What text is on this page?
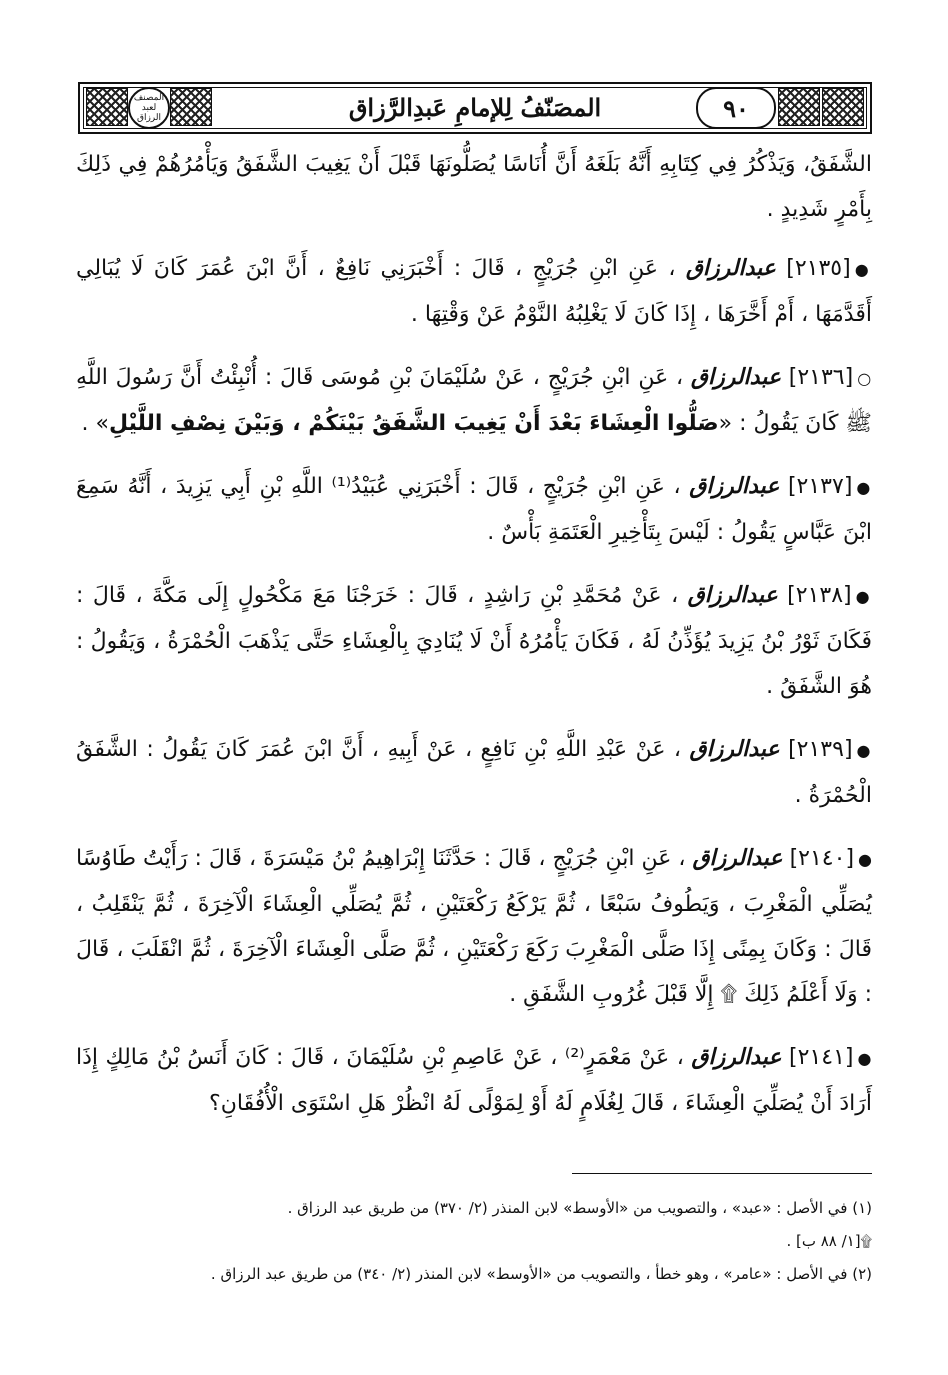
٩٠
المصَنّفُ لِلإمامِ عَبدِالرَّزاق
المصنف لعبد الرزاق

الشَّفَقُ، وَيَذْكُرُ فِي كِتَابِهِ أَنَّهُ بَلَغَهُ أَنَّ أُنَاسًا يُصَلُّونَهَا قَبْلَ أَنْ يَغِيبَ الشَّفَقُ وَيَأْمُرُهُمْ فِي ذَلِكَ بِأَمْرٍ شَدِيدٍ .

●[٢١٣٥] عبدالرزاق ، عَنِ ابْنِ جُرَيْجٍ ، قَالَ : أَخْبَرَنِي نَافِعٌ ، أَنَّ ابْنَ عُمَرَ كَانَ لَا يُبَالِي أَقَدَّمَهَا ، أَمْ أَخَّرَهَا ، إِذَا كَانَ لَا يَغْلِبُهُ النَّوْمُ عَنْ وَقْتِهَا .

○[٢١٣٦] عبدالرزاق ، عَنِ ابْنِ جُرَيْجٍ ، عَنْ سُلَيْمَانَ بْنِ مُوسَى قَالَ : أُنْبِئْتُ أَنَّ رَسُولَ اللَّهِ ﷺ كَانَ يَقُولُ : «صَلُّوا الْعِشَاءَ بَعْدَ أَنْ يَغِيبَ الشَّفَقُ بَيْنَكُمْ ، وَبَيْنَ نِصْفِ اللَّيْلِ» .

●[٢١٣٧] عبدالرزاق ، عَنِ ابْنِ جُرَيْجٍ ، قَالَ : أَخْبَرَنِي عُبَيْدُ⁽¹⁾ اللَّهِ بْنِ أَبِي يَزِيدَ ، أَنَّهُ سَمِعَ ابْنَ عَبَّاسٍ يَقُولُ : لَيْسَ بِتَأْخِيرِ الْعَتَمَةِ بَأْسٌ .

●[٢١٣٨] عبدالرزاق ، عَنْ مُحَمَّدِ بْنِ رَاشِدٍ ، قَالَ : خَرَجْنَا مَعَ مَكْحُولٍ إِلَى مَكَّةَ ، قَالَ : فَكَانَ ثَوْرُ بْنُ يَزِيدَ يُؤَذِّنُ لَهُ ، فَكَانَ يَأْمُرُهُ أَنْ لَا يُنَادِيَ بِالْعِشَاءِ حَتَّى يَذْهَبَ الْحُمْرَةُ ، وَيَقُولُ : هُوَ الشَّفَقُ .

●[٢١٣٩] عبدالرزاق ، عَنْ عَبْدِ اللَّهِ بْنِ نَافِعٍ ، عَنْ أَبِيهِ ، أَنَّ ابْنَ عُمَرَ كَانَ يَقُولُ : الشَّفَقُ الْحُمْرَةُ .

●[٢١٤٠] عبدالرزاق ، عَنِ ابْنِ جُرَيْجٍ ، قَالَ : حَدَّثَنَا إِبْرَاهِيمُ بْنُ مَيْسَرَةَ ، قَالَ : رَأَيْتُ طَاوُسًا يُصَلِّي الْمَغْرِبَ ، وَيَطُوفُ سَبْعًا ، ثُمَّ يَرْكَعُ رَكْعَتَيْنِ ، ثُمَّ يُصَلِّي الْعِشَاءَ الْآخِرَةَ ، ثُمَّ يَنْقَلِبُ ، قَالَ : وَكَانَ بِمِنًى إِذَا صَلَّى الْمَغْرِبَ رَكَعَ رَكْعَتَيْنِ ، ثُمَّ صَلَّى الْعِشَاءَ الْآخِرَةَ ، ثُمَّ انْقَلَبَ ، قَالَ : وَلَا أَعْلَمُ ذَلِكَ ۩ إِلَّا قَبْلَ غُرُوبِ الشَّفَقِ .

●[٢١٤١] عبدالرزاق ، عَنْ مَعْمَرٍ⁽²⁾ ، عَنْ عَاصِمِ بْنِ سُلَيْمَانَ ، قَالَ : كَانَ أَنَسُ بْنُ مَالِكٍ إِذَا أَرَادَ أَنْ يُصَلِّيَ الْعِشَاءَ ، قَالَ لِغُلَامٍ لَهُ أَوْ لِمَوْلًى لَهُ انْظُرْ هَلِ اسْتَوَى الْأُفُقَانِ؟

(١) في الأصل : «عبد» ، والتصويب من «الأوسط» لابن المنذر (٢/ ٣٧٠) من طريق عبد الرزاق .

۩[١/ ٨٨ ب] .

(٢) في الأصل : «عامر» ، وهو خطأ ، والتصويب من «الأوسط» لابن المنذر (٢/ ٣٤٠) من طريق عبد الرزاق .
